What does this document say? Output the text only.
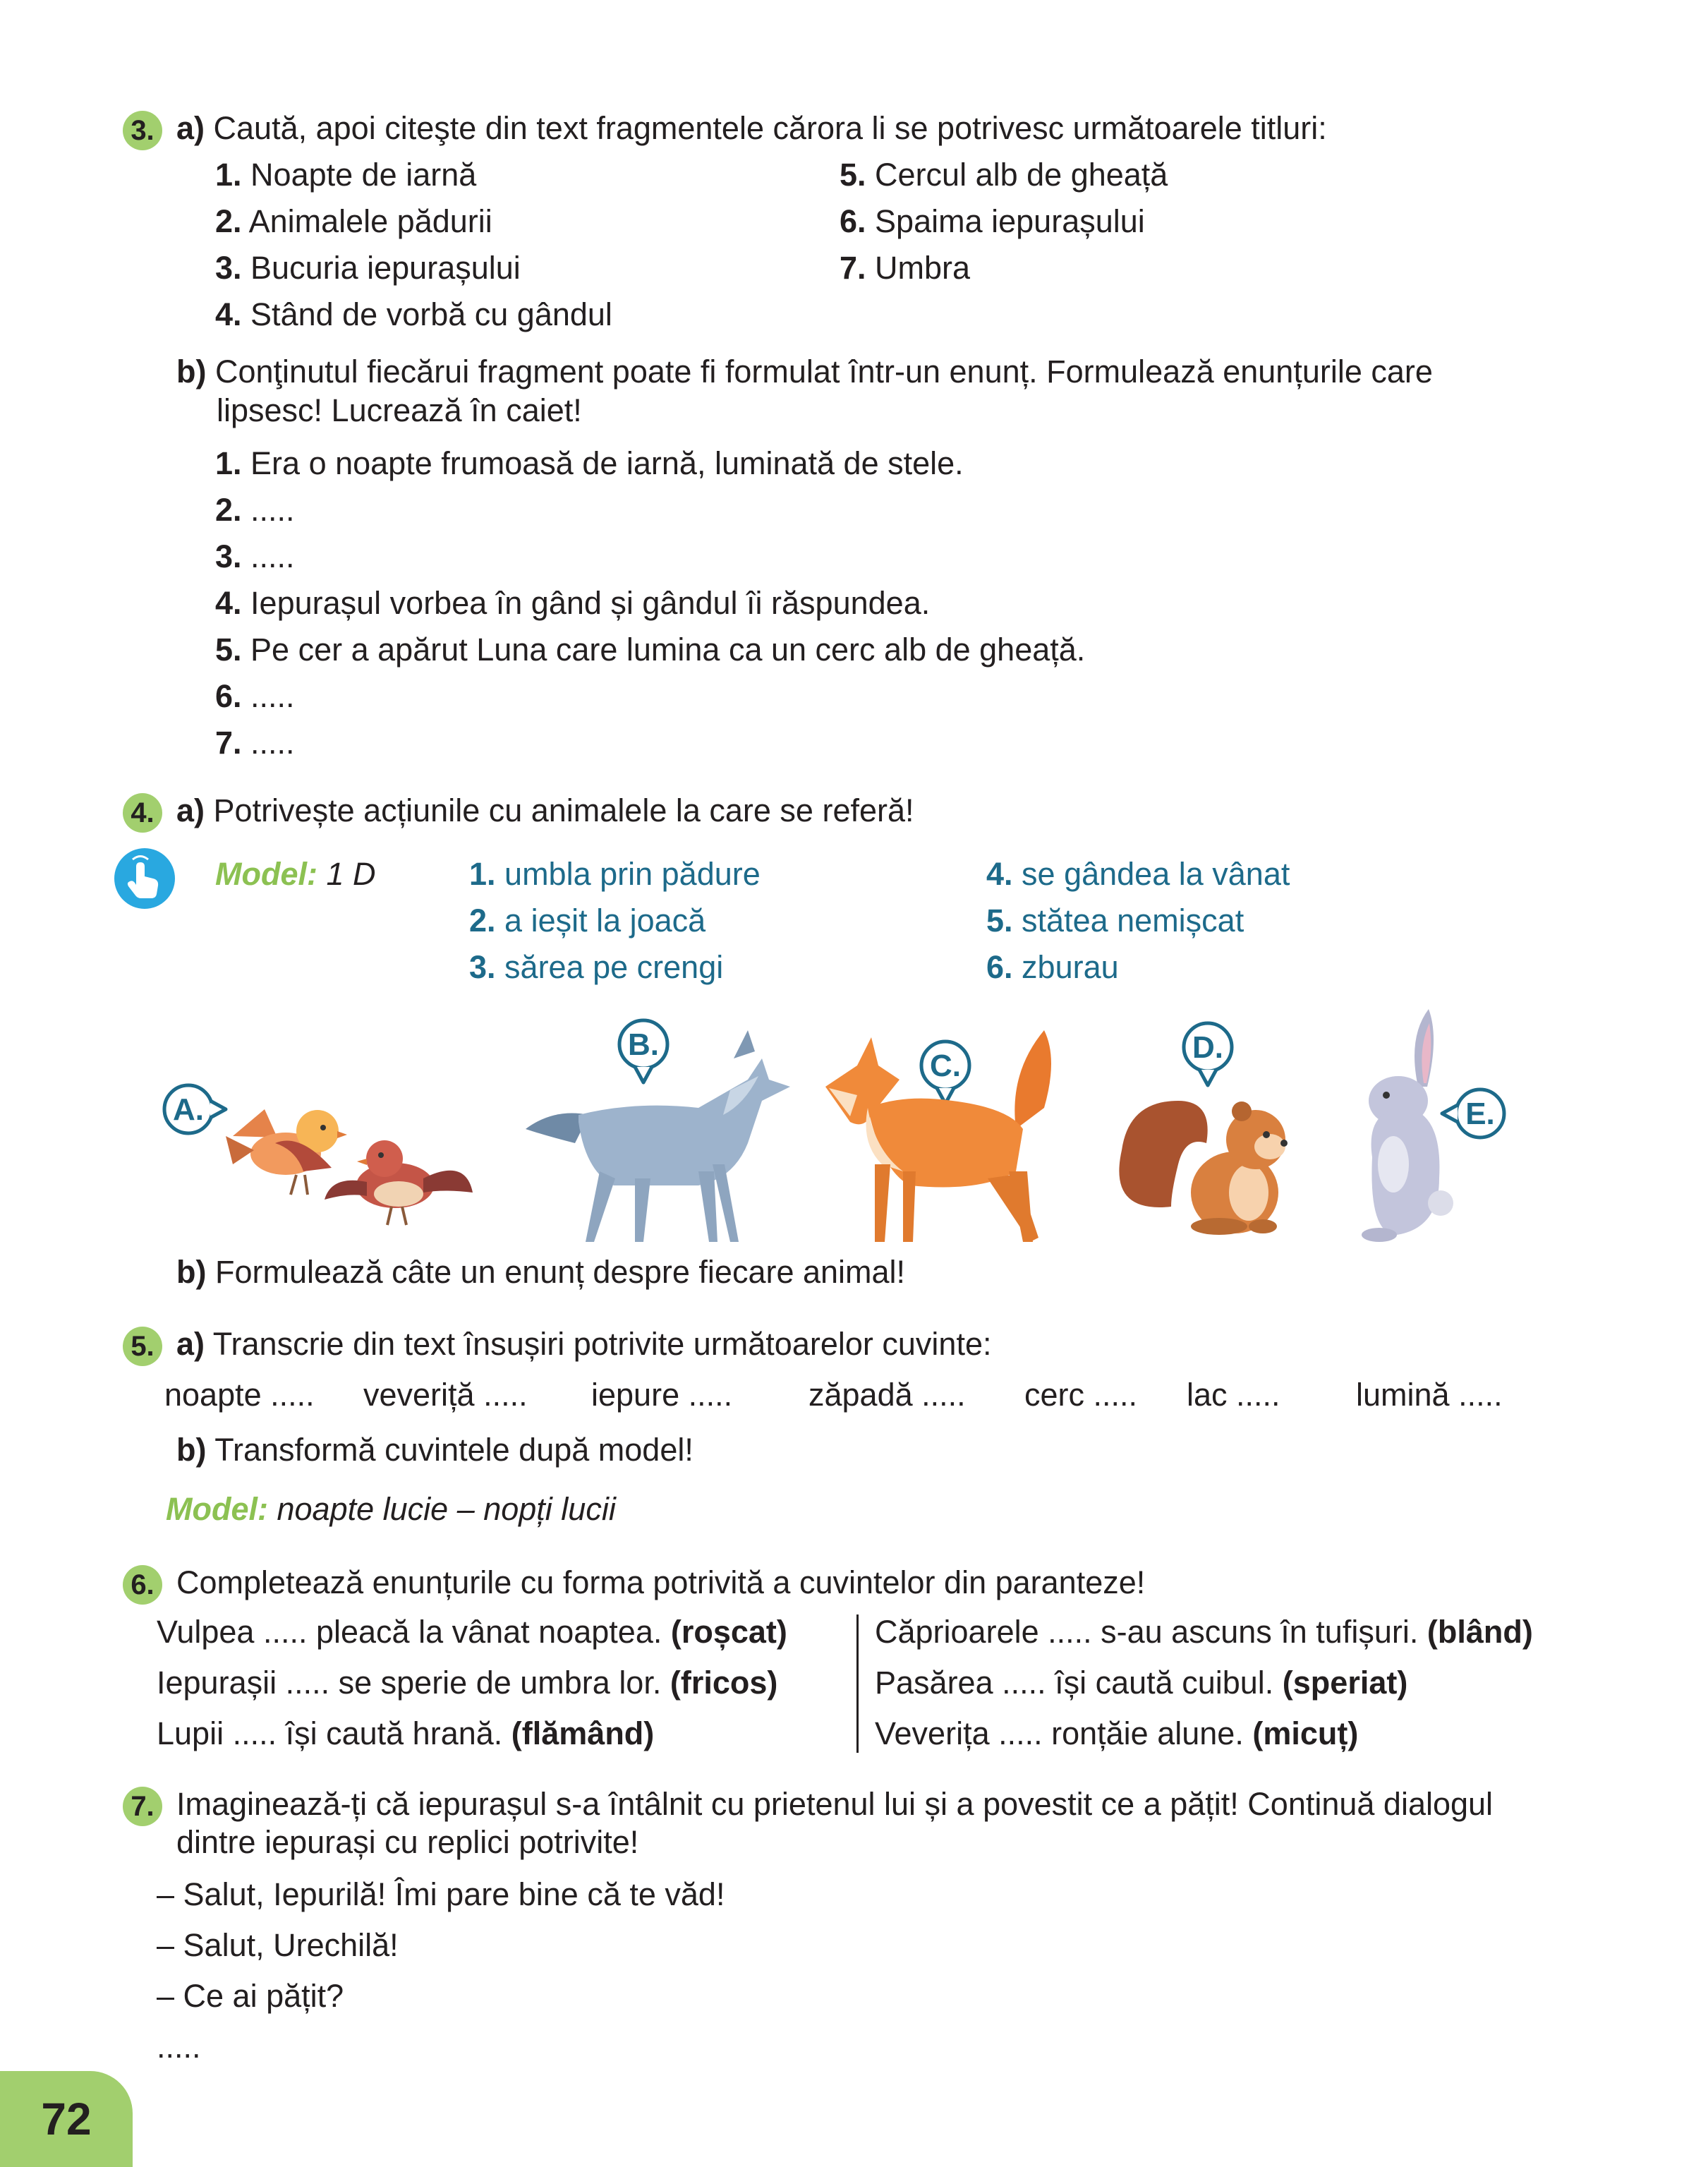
3. a) Caută, apoi citeşte din text fragmentele cărora li se potrivesc următoarele titluri:
1. Noapte de iarnă
2. Animalele pădurii
3. Bucuria iepurașului
4. Stând de vorbă cu gândul
5. Cercul alb de gheață
6. Spaima iepurașului
7. Umbra
b) Conţinutul fiecărui fragment poate fi formulat într-un enunț. Formulează enunțurile care
lipsesc! Lucrează în caiet!
1. Era o noapte frumoasă de iarnă, luminată de stele.
2. .....
3. .....
4. Iepurașul vorbea în gând și gândul îi răspundea.
5. Pe cer a apărut Luna care lumina ca un cerc alb de gheață.
6. .....
7. .....
4. a) Potrivește acțiunile cu animalele la care se referă!
Model: 1 D	1. umbla prin pădure
2. a ieșit la joacă
3. sărea pe crengi
4. se gândea la vânat
5. stătea nemișcat
6. zburau
A.
B.
C.
D.
E.
b) Formulează câte un enunț despre fiecare animal!
5. a) Transcrie din text însușiri potrivite următoarelor cuvinte:
noapte ..... veveriță ..... iepure ..... zăpadă ..... cerc ..... lac ..... lumină .....
b) Transformă cuvintele după model!
Model: noapte lucie – nopți lucii
6. Completează enunțurile cu forma potrivită a cuvintelor din paranteze!
Vulpea ..... pleacă la vânat noaptea. (roșcat)
Iepurașii ..... se sperie de umbra lor. (fricos)
Lupii ..... își caută hrană. (flămând)
Căprioarele ..... s-au ascuns în tufișuri. (blând)
Pasărea ..... își caută cuibul. (speriat)
Veverița ..... ronțăie alune. (micuț)
7. Imaginează-ți că iepurașul s-a întâlnit cu prietenul lui și a povestit ce a pățit! Continuă dialogul
dintre iepurași cu replici potrivite!
– Salut, Iepurilă! Îmi pare bine că te văd!
– Salut, Urechilă!
– Ce ai pățit?
.....
72
